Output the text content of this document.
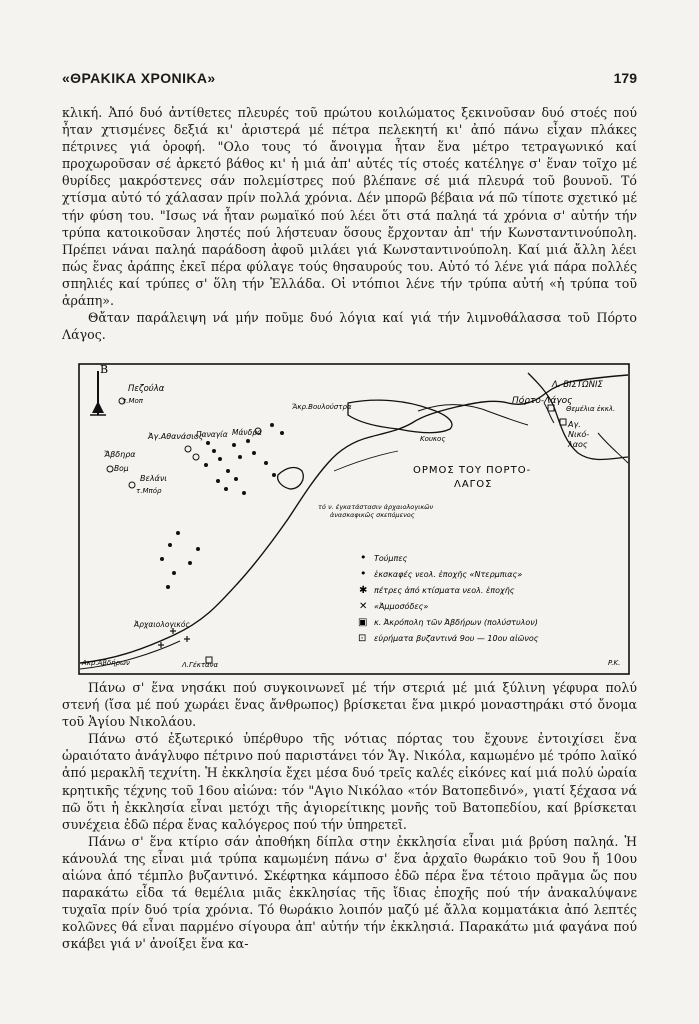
«ΘΡΑΚΙΚΑ ΧΡΟΝΙΚΑ»	179

κλική. Ἀπό δυό ἀντίθετες πλευρές τοῦ πρώτου κοιλώματος ξεκινοῦσαν δυό στοές πού ἦταν χτισμένες δεξιά κι' ἀριστερά μέ πέτρα πελεκητή κι' ἀπό πάνω εἶχαν πλάκες πέτρινες γιά ὀροφή. "Ολο τους τό ἄνοιγμα ἦταν ἕνα μέτρο τετραγωνικό καί προχωροῦσαν σέ ἀρκετό βάθος κι' ἡ μιά ἀπ' αὐτές τίς στοές κατέληγε σ' ἕναν τοῖχο μέ θυρίδες μακρόστενες σάν πολεμίστρες πού βλέπανε σέ μιά πλευρά τοῦ βουνοῦ. Τό χτίσμα αὐτό τό χάλασαν πρίν πολλά χρόνια. Δέν μπορῶ βέβαια νά πῶ τίποτε σχετικό μέ τήν φύση του. "Ισως νά ἦταν ρωμαϊκό πού λέει ὅτι στά παληά τά χρόνια σ' αὐτήν τήν τρύπα κατοικοῦσαν ληστές πού λήστευαν ὅσους ἔρχονταν ἀπ' τήν Κωνσταντινούπολη. Πρέπει νάναι παληά παράδοση ἀφοῦ μιλάει γιά Κωνσταντινούπολη. Καί μιά ἄλλη λέει πώς ἕνας ἀράπης ἐκεῖ πέρα φύλαγε τούς θησαυρούς του. Αὐτό τό λένε γιά πάρα πολλές σπηλιές καί τρύπες σ' ὅλη τήν Ἑλλάδα. Οἱ ντόπιοι λένε τήν τρύπα αὐτή «ἡ τρύπα τοῦ ἀράπη».

Θἄταν παράλειψη νά μήν ποῦμε δυό λόγια καί γιά τήν λιμνοθάλασσα τοῦ Πόρτο Λάγος.

Β
ΟΡΜΟΣ ΤΟΥ ΠΟΡΤΟ-
ΛΑΓΟΣ
Λ. ΒΙΣΤΩΝΙΣ
Πόρτο-Λάγος
Αγ.
Νικό-
λαος
Θεμέλια ἐκκλ.
Κουκος
Πεζούλα
τ.Μοπ
Ἀγ.Αθανάσιος
Ἄβδηρα
Βομ
Βελάνι
τ.Μπόρ
Παναγία Μάνδρα
Ἄκρ.Βουλούστρα
Ἀρχαιολογικός
Ακρ.Ἀβδήρων	Λ.Γέκτανα
τό ν. ἐγκατάστασιν ἀρχαιολογικῶν
ἀνασκαφικῶς σκεπόμενος
P.K.
• Τούμπες
• ἐκσκαφές νεολ. ἐποχῆς «Ντερμπιας»
✱ πέτρες ἀπό κτίσματα νεολ. ἐποχῆς
✕ «Ἀμμοσόδες»
▣ κ. Ἀκρόπολη τῶν Ἀβδήρων (πολύστυλον)
⊡ εὑρήματα βυζαντινά 9ου — 10ου αἰῶνος

Πάνω σ' ἕνα νησάκι πού συγκοινωνεῖ μέ τήν στεριά μέ μιά ξύλινη γέφυρα πολύ στενή (ἴσα μέ πού χωράει ἕνας ἄνθρωπος) βρίσκεται ἕνα μικρό μοναστηράκι στό ὄνομα τοῦ Ἁγίου Νικολάου.

Πάνω στό ἐξωτερικό ὑπέρθυρο τῆς νότιας πόρτας του ἔχουνε ἐντοιχίσει ἕνα ὡραιότατο ἀνάγλυφο πέτρινο πού παριστάνει τόν Ἅγ. Νικόλα, καμωμένο μέ τρόπο λαϊκό ἀπό μερακλῆ τεχνίτη. Ἡ ἐκκλησία ἔχει μέσα δυό τρεῖς καλές εἰκόνες καί μιά πολύ ὡραία κρητικῆς τέχνης τοῦ 16ου αἰώνα: τόν "Αγιο Νικόλαο «τόν Βατοπεδινό», γιατί ξέχασα νά πῶ ὅτι ἡ ἐκκλησία εἶναι μετόχι τῆς ἁγιορείτικης μονῆς τοῦ Βατοπεδίου, καί βρίσκεται συνέχεια ἐδῶ πέρα ἕνας καλόγερος πού τήν ὑπηρετεῖ.

Πάνω σ' ἕνα κτίριο σάν ἀποθήκη δίπλα στην ἐκκλησία εἶναι μιά βρύση παληά. Ἡ κάνουλά της εἶναι μιά τρύπα καμωμένη πάνω σ' ἕνα ἀρχαῖο θωράκιο τοῦ 9ου ἤ 10ου αἰώνα ἀπό τέμπλο βυζαντινό. Σκέφτηκα κάμποσο ἐδῶ πέρα ἕνα τέτοιο πρᾶγμα ὥς που παρακάτω εἶδα τά θεμέλια μιᾶς ἐκκλησίας τῆς ἴδιας ἐποχῆς πού τήν ἀνακαλύψανε τυχαῖα πρίν δυό τρία χρόνια. Τό θωράκιο λοιπόν μαζύ μέ ἄλλα κομματάκια ἀπό λεπτές κολῶνες θά εἶναι παρμένο σίγουρα ἀπ' αὐτήν τήν ἐκκλησιά. Παρακάτω μιά φαγάνα πού σκάβει γιά ν' ἀνοίξει ἕνα κα-
